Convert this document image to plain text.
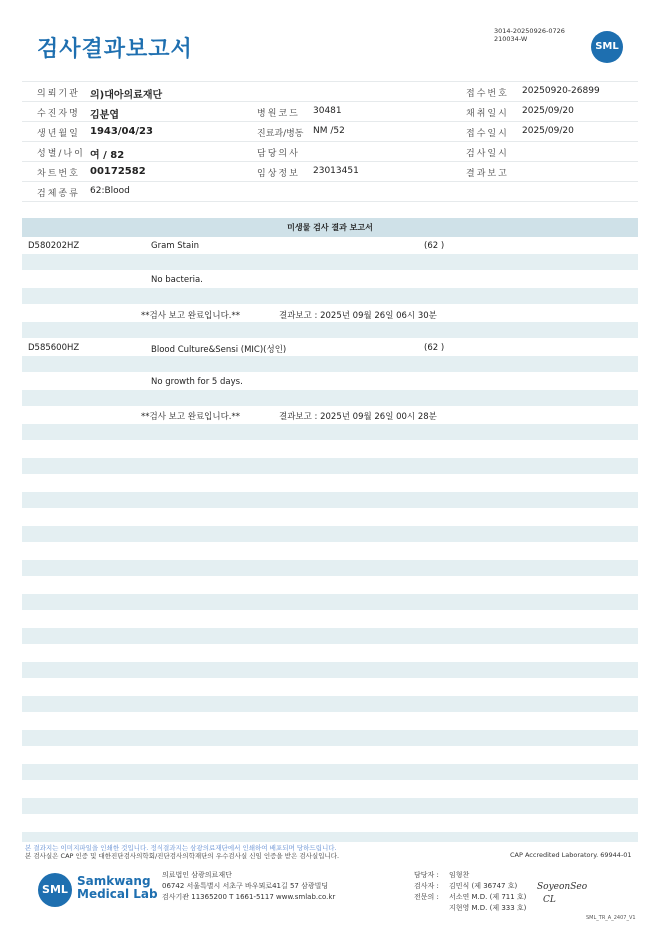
검사결과보고서
3014-20250926-0726
210034-W
SML
의뢰기관 의)대아의료재단	접수번호 20250920-26899
수진자명 김분엽	병원코드 30481	채취일시 2025/09/20
생년월일 1943/04/23	진료과/병동 NM /52	접수일시 2025/09/20
성별/나이 여 / 82	담당의사	검사일시
차트번호 00172582	임상정보 23013451	결과보고
검체종류 62:Blood
미생물 검사 결과 보고서
D580202HZ	Gram Stain	(62 )
No bacteria.
**검사 보고 완료입니다.**	결과보고 : 2025년 09월 26일 06시 30분
D585600HZ	Blood Culture&Sensi (MIC)(성인)	(62 )
No growth for 5 days.
**검사 보고 완료입니다.**	결과보고 : 2025년 09월 26일 00시 28분
본 결과지는 이미지파일을 인쇄한 것입니다. 정식결과지는 삼광의료재단에서 인쇄하여 배포되며 당하드립니다.
본 검사실은 CAP 인증 및 대한진단검사의학회/진단검사의학재단의 우수검사실 신임 인증을 받은 검사실입니다.	CAP Accredited Laboratory. 69944-01
SML
Samkwang
Medical Lab
의료법인 삼광의료재단
06742 서울특별시 서초구 바우뫼로41길 57 삼광빌딩
검사기관 11365200 T 1661-5117 www.smlab.co.kr
담당자 :
검사자 :
전문의 :
임형찬
김민식 (제 36747 호)
서소연 M.D. (제 711 호)
지현영 M.D. (제 333 호)
SoyeonSeo
CL
SML_TR_A_2407_V1
